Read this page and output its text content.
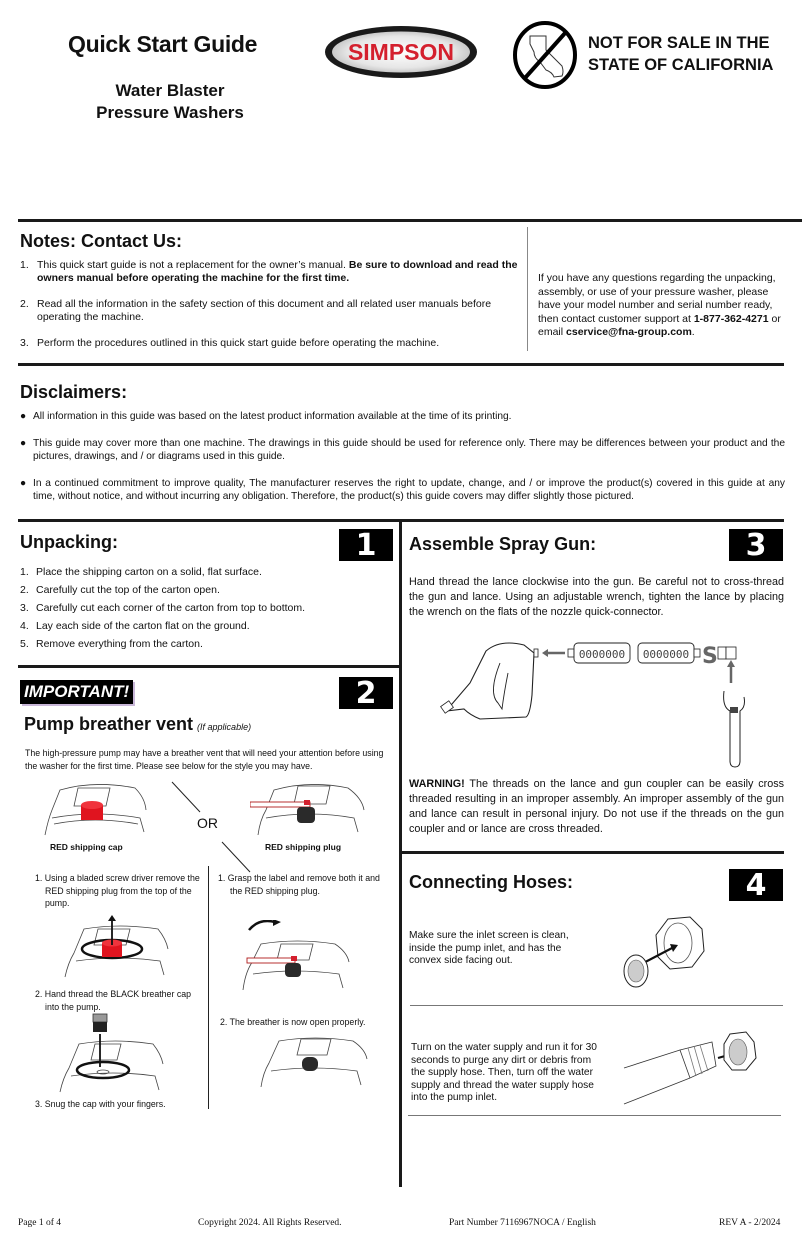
Quick Start Guide
Water Blaster
Pressure Washers
SIMPSON	NOT FOR SALE IN THE
STATE OF CALIFORNIA
Notes: Contact Us:
1. This quick start guide is not a replacement for the owner’s manual. Be sure to download and read the owners manual before operating the machine for the first time.
2. Read all the information in the safety section of this document and all related user manuals before operating the machine.
3. Perform the procedures outlined in this quick start guide before operating the machine.
If you have any questions regarding the unpacking, assembly, or use of your pressure washer, please have your model number and serial number ready, then contact customer support at 1-877-362-4271 or email cservice@fna-group.com.
Disclaimers:
● All information in this guide was based on the latest product information available at the time of its printing.
● This guide may cover more than one machine. The drawings in this guide should be used for reference only. There may be differences between your product and the pictures, drawings, and / or diagrams used in this guide.
● In a continued commitment to improve quality, The manufacturer reserves the right to update, change, and / or improve the product(s) covered in this guide at any time, without notice, and without incurring any obligation. Therefore, the product(s) this guide covers may differ slightly those pictured.
Unpacking:	1
1. Place the shipping carton on a solid, flat surface.
2. Carefully cut the top of the carton open.
3. Carefully cut each corner of the carton from top to bottom.
4. Lay each side of the carton flat on the ground.
5. Remove everything from the carton.
IMPORTANT!	2
Pump breather vent (If applicable)
The high-pressure pump may have a breather vent that will need your attention before using the washer for the first time. Please see below for the style you may have.
RED shipping cap
OR
RED shipping plug
1. Using a bladed screw driver remove the RED shipping plug from the top of the pump.
1. Grasp the label and remove both it and the RED shipping plug.
2. Hand thread the BLACK breather cap into the pump.
2. The breather is now open properly.
3. Snug the cap with your fingers.
Assemble Spray Gun:	3
Hand thread the lance clockwise into the gun. Be careful not to cross-thread the gun and lance. Using an adjustable wrench, tighten the lance by placing the wrench on the flats of the nozzle quick-connector.
0000000 0000000 S
WARNING! The threads on the lance and gun coupler can be easily cross threaded resulting in an improper assembly. An improper assembly of the gun and lance can result in personal injury. Do not use if the threads on the gun coupler and or lance are cross threaded.
Connecting Hoses:	4
Make sure the inlet screen is clean, inside the pump inlet, and has the convex side facing out.
Turn on the water supply and run it for 30 seconds to purge any dirt or debris from the supply hose. Then, turn off the water supply and thread the water supply hose into the pump inlet.
Page 1 of 4	Copyright 2024. All Rights Reserved.	Part Number 7116967NOCA / English	REV A - 2/2024
